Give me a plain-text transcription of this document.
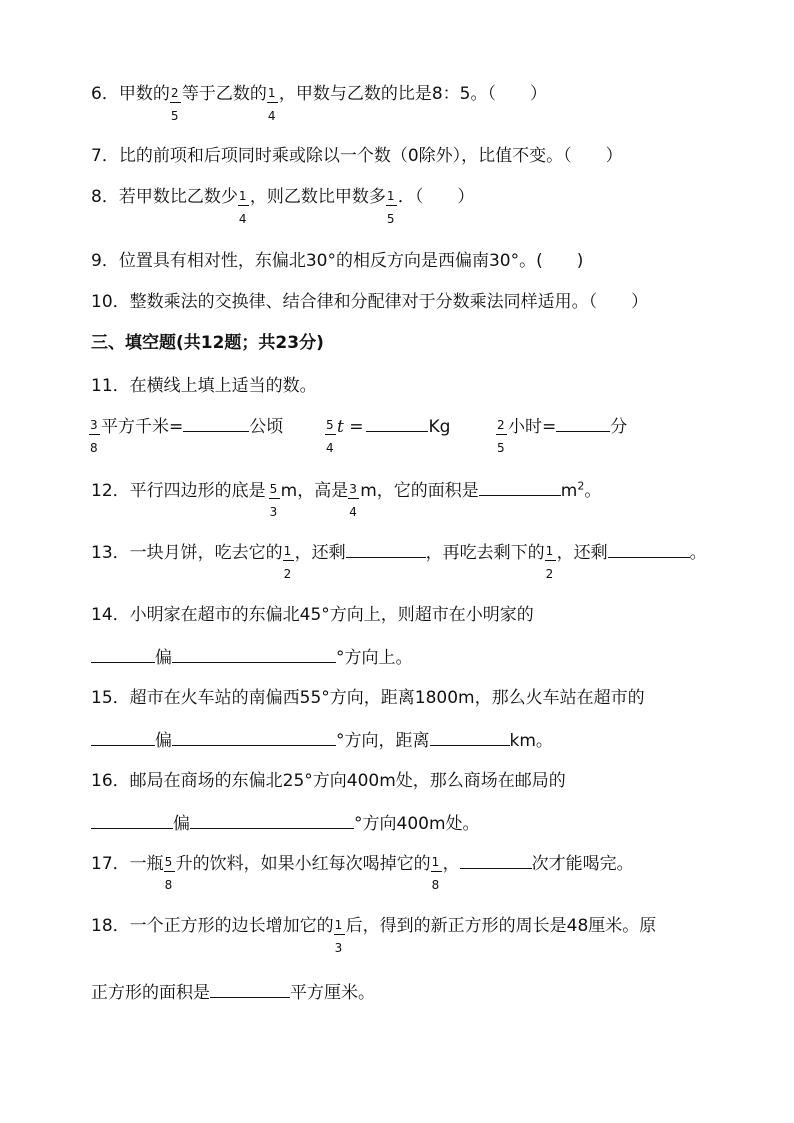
6．甲数的 $\frac{2}{5}$ 等于乙数的 $\frac{1}{4}$ ，甲数与乙数的比是8：5。（　　）
7．比的前项和后项同时乘或除以一个数（0除外），比值不变。（　　）
8．若甲数比乙数少 $\frac{1}{4}$ ，则乙数比甲数多 $\frac{1}{5}$ ．（　　）
9．位置具有相对性，东偏北30°的相反方向是西偏南30°。(　　)
10．整数乘法的交换律、结合律和分配律对于分数乘法同样适用。（　　）
三、填空题(共12题；共23分)
11．在横线上填上适当的数。
$\frac{3}{8}$ 平方千米=	公顷	$\frac{5}{4}$ t =	Kg	$\frac{2}{5}$ 小时=	分
12．平行四边形的底是 $\frac{5}{3}$ m，高是 $\frac{3}{4}$ m，它的面积是	$m^2$。
13．一块月饼，吃去它的 $\frac{1}{2}$ ，还剩	，再吃去剩下的 $\frac{1}{2}$ ，还剩	。
14．小明家在超市的东偏北45°方向上，则超市在小明家的
偏	°方向上。
15．超市在火车站的南偏西55°方向，距离1800m，那么火车站在超市的
偏	°方向，距离	km。
16．邮局在商场的东偏北25°方向400m处，那么商场在邮局的
偏	°方向400m处。
17．一瓶 $\frac{5}{8}$ 升的饮料，如果小红每次喝掉它的 $\frac{1}{8}$ ，	次才能喝完。
18．一个正方形的边长增加它的 $\frac{1}{3}$ 后，得到的新正方形的周长是48厘米。原
正方形的面积是	平方厘米。
